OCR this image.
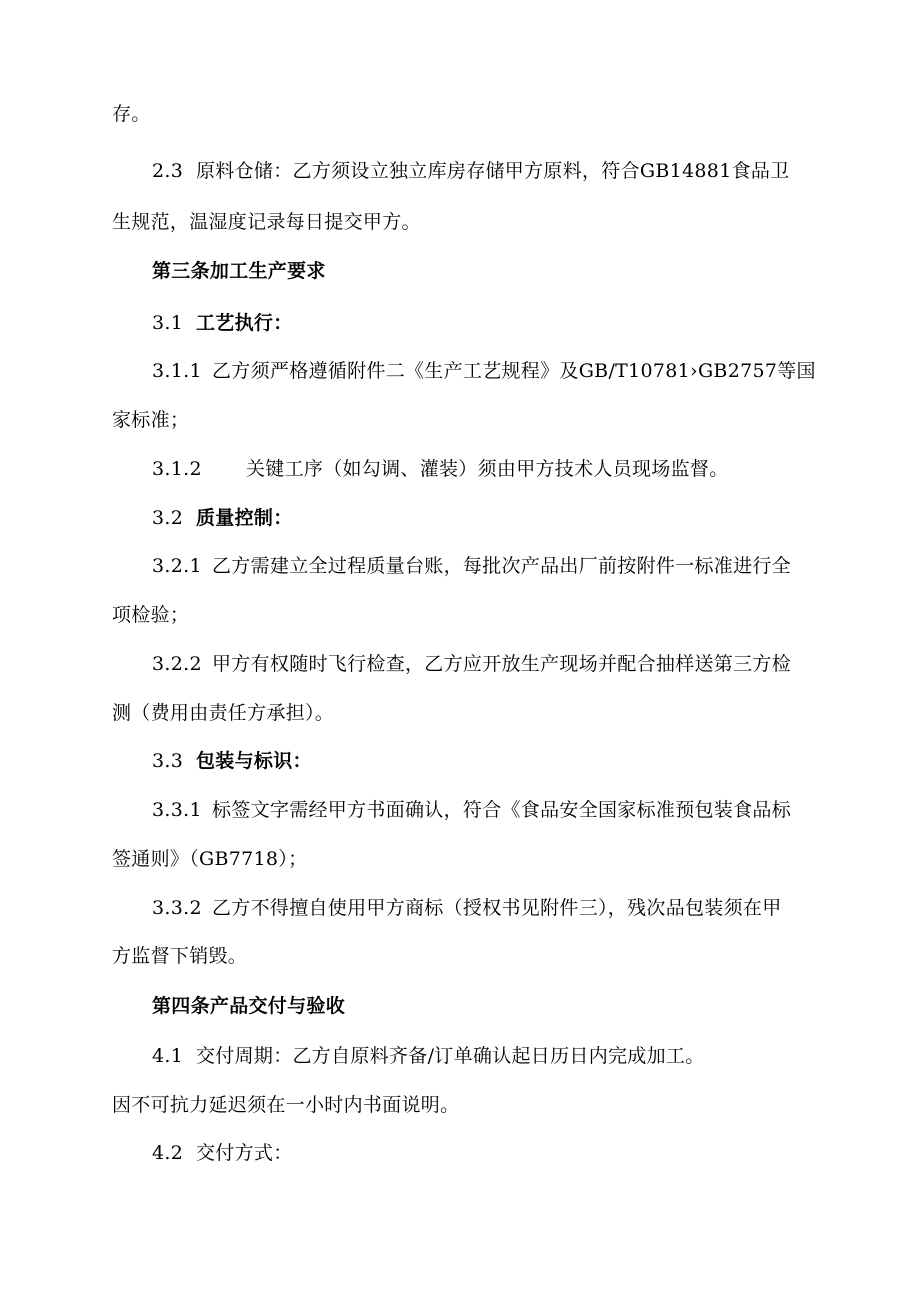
存。
2.3 原料仓储：乙方须设立独立库房存储甲方原料，符合GB14881食品卫
生规范，温湿度记录每日提交甲方。
第三条加工生产要求
3.1 工艺执行：
3.1.1 乙方须严格遵循附件二《生产工艺规程》及GB/T10781›GB2757等国
家标准；
3.1.2 关键工序（如勾调、灌装）须由甲方技术人员现场监督。
3.2 质量控制：
3.2.1 乙方需建立全过程质量台账，每批次产品出厂前按附件一标准进行全
项检验；
3.2.2 甲方有权随时飞行检查，乙方应开放生产现场并配合抽样送第三方检
测（费用由责任方承担）。
3.3 包装与标识：
3.3.1 标签文字需经甲方书面确认，符合《食品安全国家标准预包装食品标
签通则》（GB7718）；
3.3.2 乙方不得擅自使用甲方商标（授权书见附件三），残次品包装须在甲
方监督下销毁。
第四条产品交付与验收
4.1 交付周期：乙方自原料齐备/订单确认起日历日内完成加工。
因不可抗力延迟须在一小时内书面说明。
4.2 交付方式：
